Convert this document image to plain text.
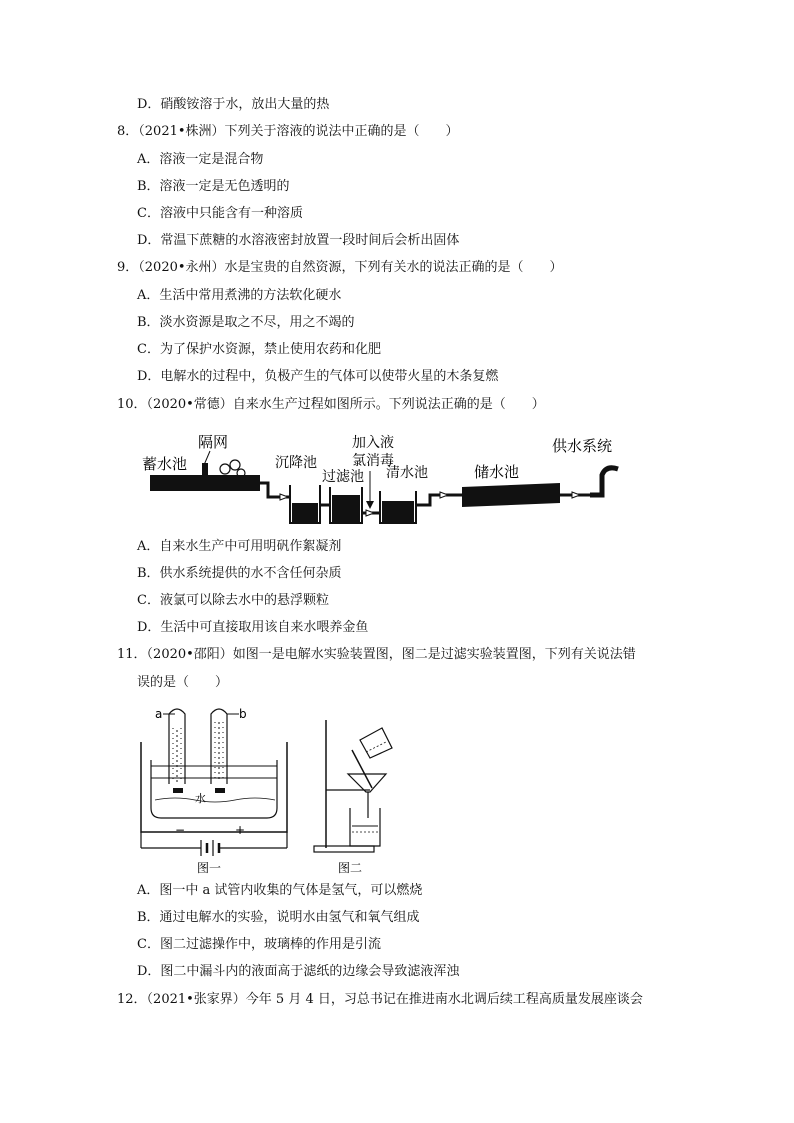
D．硝酸铵溶于水，放出大量的热
8．（2021•株洲）下列关于溶液的说法中正确的是（　　）
A．溶液一定是混合物
B．溶液一定是无色透明的
C．溶液中只能含有一种溶质
D．常温下蔗糖的水溶液密封放置一段时间后会析出固体
9．（2020•永州）水是宝贵的自然资源，下列有关水的说法正确的是（　　）
A．生活中常用煮沸的方法软化硬水
B．淡水资源是取之不尽，用之不竭的
C．为了保护水资源，禁止使用农药和化肥
D．电解水的过程中，负极产生的气体可以使带火星的木条复燃
10．（2020•常德）自来水生产过程如图所示。下列说法正确的是（　　）
蓄水池
隔网
沉降池
过滤池
加入液
氯消毒
清水池	储水池
供水系统
A．自来水生产中可用明矾作絮凝剂
B．供水系统提供的水不含任何杂质
C．液氯可以除去水中的悬浮颗粒
D．生活中可直接取用该自来水喂养金鱼
11．（2020•邵阳）如图一是电解水实验装置图，图二是过滤实验装置图，下列有关说法错
误的是（　　）
a	b
水
−	+
图一	图二
A．图一中 a 试管内收集的气体是氢气，可以燃烧
B．通过电解水的实验，说明水由氢气和氧气组成
C．图二过滤操作中，玻璃棒的作用是引流
D．图二中漏斗内的液面高于滤纸的边缘会导致滤液浑浊
12．（2021•张家界）今年 5 月 4 日，习总书记在推进南水北调后续工程高质量发展座谈会
